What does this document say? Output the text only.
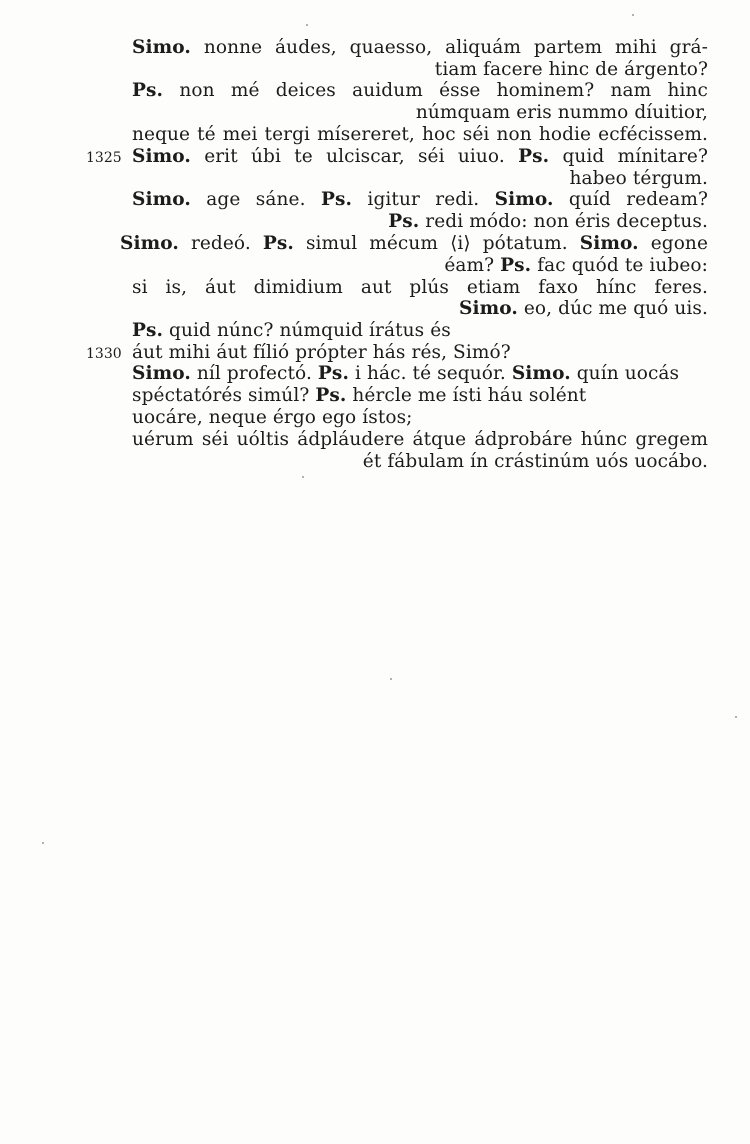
Simo. nonne áudes, quaesso, aliquám partem mihi grá-
tiam facere hinc de árgento?
Ps. non mé deices auidum ésse hominem? nam hinc
númquam eris nummo díuitior,
neque té mei tergi mísereret, hoc séi non hodie ecfécissem.
1325 Simo. erit úbi te ulciscar, séi uiuo. Ps. quid mínitare?
habeo térgum.
Simo. age sáne. Ps. igitur redi. Simo. quíd redeam?
Ps. redi módo: non éris deceptus.
Simo. redeó. Ps. simul mécum ⟨i⟩ pótatum. Simo. egone
éam? Ps. fac quód te iubeo:
si is, áut dimidium aut plús etiam faxo hínc feres.
Simo. eo, dúc me quó uis.
Ps. quid núnc? númquid írátus és
1330 áut mihi áut fílió própter hás rés, Simó?
Simo. níl profectó. Ps. i hác. té sequór. Simo. quín uocás
spéctatórés simúl? Ps. hércle me ísti háu solént
uocáre, neque érgo ego ístos;
uérum séi uóltis ádpláudere átque ádprobáre húnc gregem
ét fábulam ín crástinúm uós uocábo.
